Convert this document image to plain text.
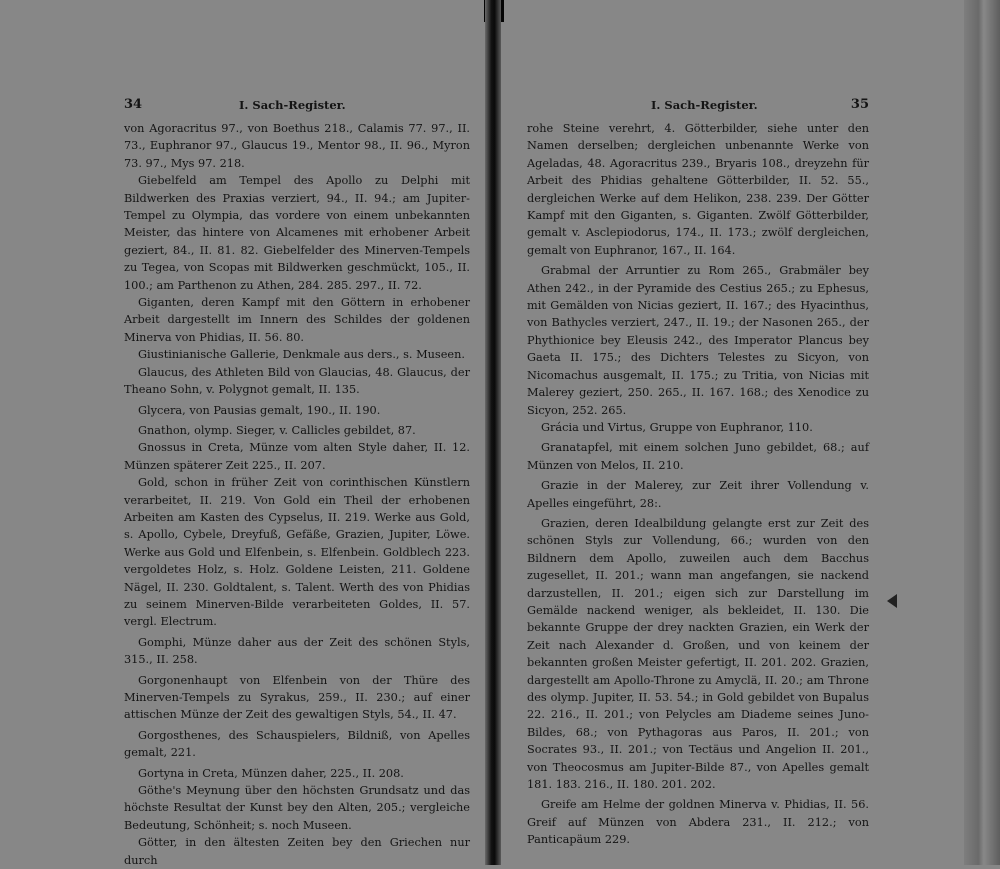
34	I. Sach-Register.

von Agoracritus 97., von Boethus 218., Calamis 77. 97., II. 73., Euphranor 97., Glaucus 19., Mentor 98., II. 96., Myron 73. 97., Mys 97. 218.

Giebelfeld am Tempel des Apollo zu Delphi mit Bildwerken des Praxias verziert, 94., II. 94.; am Jupiter-Tempel zu Olympia, das vordere von einem unbekannten Meister, das hintere von Alcamenes mit erhobener Arbeit geziert, 84., II. 81. 82. Giebelfelder des Minerven-Tempels zu Tegea, von Scopas mit Bildwerken geschmückt, 105., II. 100.; am Parthenon zu Athen, 284. 285. 297., II. 72.

Giganten, deren Kampf mit den Göttern in erhobener Arbeit dargestellt im Innern des Schildes der goldenen Minerva von Phidias, II. 56. 80.

Giustinianische Gallerie, Denkmale aus ders., s. Museen.

Glaucus, des Athleten Bild von Glaucias, 48. Glaucus, der Theano Sohn, v. Polygnot gemalt, II. 135.

Glycera, von Pausias gemalt, 190., II. 190.

Gnathon, olymp. Sieger, v. Callicles gebildet, 87.

Gnossus in Creta, Münze vom alten Style daher, II. 12. Münzen späterer Zeit 225., II. 207.

Gold, schon in früher Zeit von corinthischen Künstlern verarbeitet, II. 219. Von Gold ein Theil der erhobenen Arbeiten am Kasten des Cypselus, II. 219. Werke aus Gold, s. Apollo, Cybele, Dreyfuß, Gefäße, Grazien, Jupiter, Löwe. Werke aus Gold und Elfenbein, s. Elfenbein. Goldblech 223. vergoldetes Holz, s. Holz. Goldene Leisten, 211. Goldene Nägel, II. 230. Goldtalent, s. Talent. Werth des von Phidias zu seinem Minerven-Bilde verarbeiteten Goldes, II. 57. vergl. Electrum.

Gomphi, Münze daher aus der Zeit des schönen Styls, 315., II. 258.

Gorgonenhaupt von Elfenbein von der Thüre des Minerven-Tempels zu Syrakus, 259., II. 230.; auf einer attischen Münze der Zeit des gewaltigen Styls, 54., II. 47.

Gorgosthenes, des Schauspielers, Bildniß, von Apelles gemalt, 221.

Gortyna in Creta, Münzen daher, 225., II. 208.

Göthe's Meynung über den höchsten Grundsatz und das höchste Resultat der Kunst bey den Alten, 205.; vergleiche Bedeutung, Schönheit; s. noch Museen.

Götter, in den ältesten Zeiten bey den Griechen nur durch

I. Sach-Register.	35

rohe Steine verehrt, 4. Götterbilder, siehe unter den Namen derselben; dergleichen unbenannte Werke von Ageladas, 48. Agoracritus 239., Bryaris 108., dreyzehn für Arbeit des Phidias gehaltene Götterbilder, II. 52. 55., dergleichen Werke auf dem Helikon, 238. 239. Der Götter Kampf mit den Giganten, s. Giganten. Zwölf Götterbilder, gemalt v. Asclepiodorus, 174., II. 173.; zwölf dergleichen, gemalt von Euphranor, 167., II. 164.

Grabmal der Arruntier zu Rom 265., Grabmäler bey Athen 242., in der Pyramide des Cestius 265.; zu Ephesus, mit Gemälden von Nicias geziert, II. 167.; des Hyacinthus, von Bathycles verziert, 247., II. 19.; der Nasonen 265., der Phythionice bey Eleusis 242., des Imperator Plancus bey Gaeta II. 175.; des Dichters Telestes zu Sicyon, von Nicomachus ausgemalt, II. 175.; zu Tritia, von Nicias mit Malerey geziert, 250. 265., II. 167. 168.; des Xenodice zu Sicyon, 252. 265.

Grácia und Virtus, Gruppe von Euphranor, 110.

Granatapfel, mit einem solchen Juno gebildet, 68.; auf Münzen von Melos, II. 210.

Grazie in der Malerey, zur Zeit ihrer Vollendung v. Apelles eingeführt, 28:.

Grazien, deren Idealbildung gelangte erst zur Zeit des schönen Styls zur Vollendung, 66.; wurden von den Bildnern dem Apollo, zuweilen auch dem Bacchus zugesellet, II. 201.; wann man angefangen, sie nackend darzustellen, II. 201.; eigen sich zur Darstellung im Gemälde nackend weniger, als bekleidet, II. 130. Die bekannte Gruppe der drey nackten Grazien, ein Werk der Zeit nach Alexander d. Großen, und von keinem der bekannten großen Meister gefertigt, II. 201. 202. Grazien, dargestellt am Apollo-Throne zu Amyclä, II. 20.; am Throne des olymp. Jupiter, II. 53. 54.; in Gold gebildet von Bupalus 22. 216., II. 201.; von Pelycles am Diademe seines Juno-Bildes, 68.; von Pythagoras aus Paros, II. 201.; von Socrates 93., II. 201.; von Tectäus und Angelion II. 201., von Theocosmus am Jupiter-Bilde 87., von Apelles gemalt 181. 183. 216., II. 180. 201. 202.

Greife am Helme der goldnen Minerva v. Phidias, II. 56. Greif auf Münzen von Abdera 231., II. 212.; von Panticapäum 229.
